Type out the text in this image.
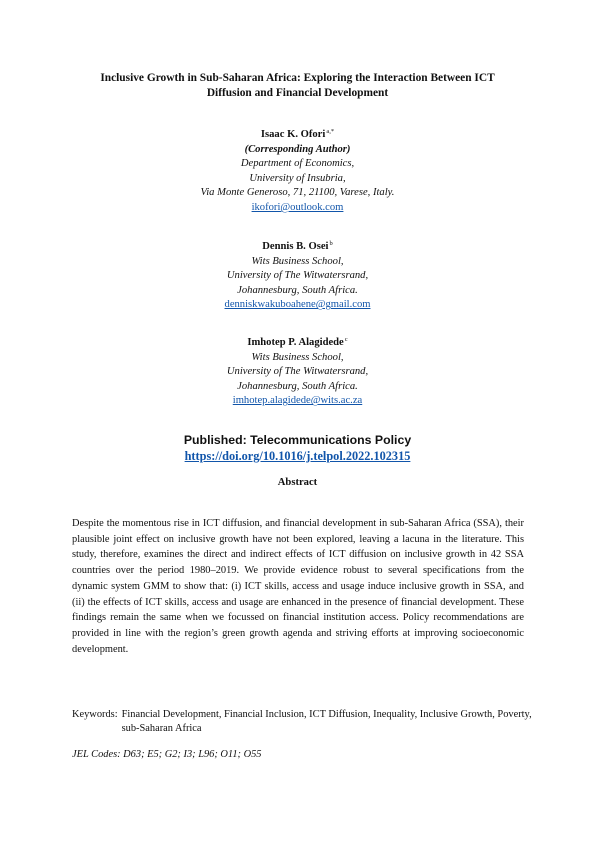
Inclusive Growth in Sub-Saharan Africa: Exploring the Interaction Between ICT
Diffusion and Financial Development
Isaac K. Ofori$^{a,*}$
(Corresponding Author)
Department of Economics,
University of Insubria,
Via Monte Generoso, 71, 21100, Varese, Italy.
ikofori@outlook.com
Dennis B. Osei$^b$
Wits Business School,
University of The Witwatersrand,
Johannesburg, South Africa.
denniskwakuboahene@gmail.com
Imhotep P. Alagidede$^c$
Wits Business School,
University of The Witwatersrand,
Johannesburg, South Africa.
imhotep.alagidede@wits.ac.za
Published: Telecommunications Policy
https://doi.org/10.1016/j.telpol.2022.102315
Abstract
Despite the momentous rise in ICT diffusion, and financial development in sub-Saharan Africa (SSA), their plausible joint effect on inclusive growth have not been explored, leaving a lacuna in the literature. This study, therefore, examines the direct and indirect effects of ICT diffusion on inclusive growth in 42 SSA countries over the period 1980–2019. We provide evidence robust to several specifications from the dynamic system GMM to show that: (i) ICT skills, access and usage induce inclusive growth in SSA, and (ii) the effects of ICT skills, access and usage are enhanced in the presence of financial development. These findings remain the same when we focussed on financial institution access. Policy recommendations are provided in line with the region’s green growth agenda and striving efforts at improving socioeconomic development.
Keywords: Financial Development, Financial Inclusion, ICT Diffusion, Inequality, Inclusive Growth, Poverty, sub-Saharan Africa
JEL Codes: D63; E5; G2; I3; L96; O11; O55
